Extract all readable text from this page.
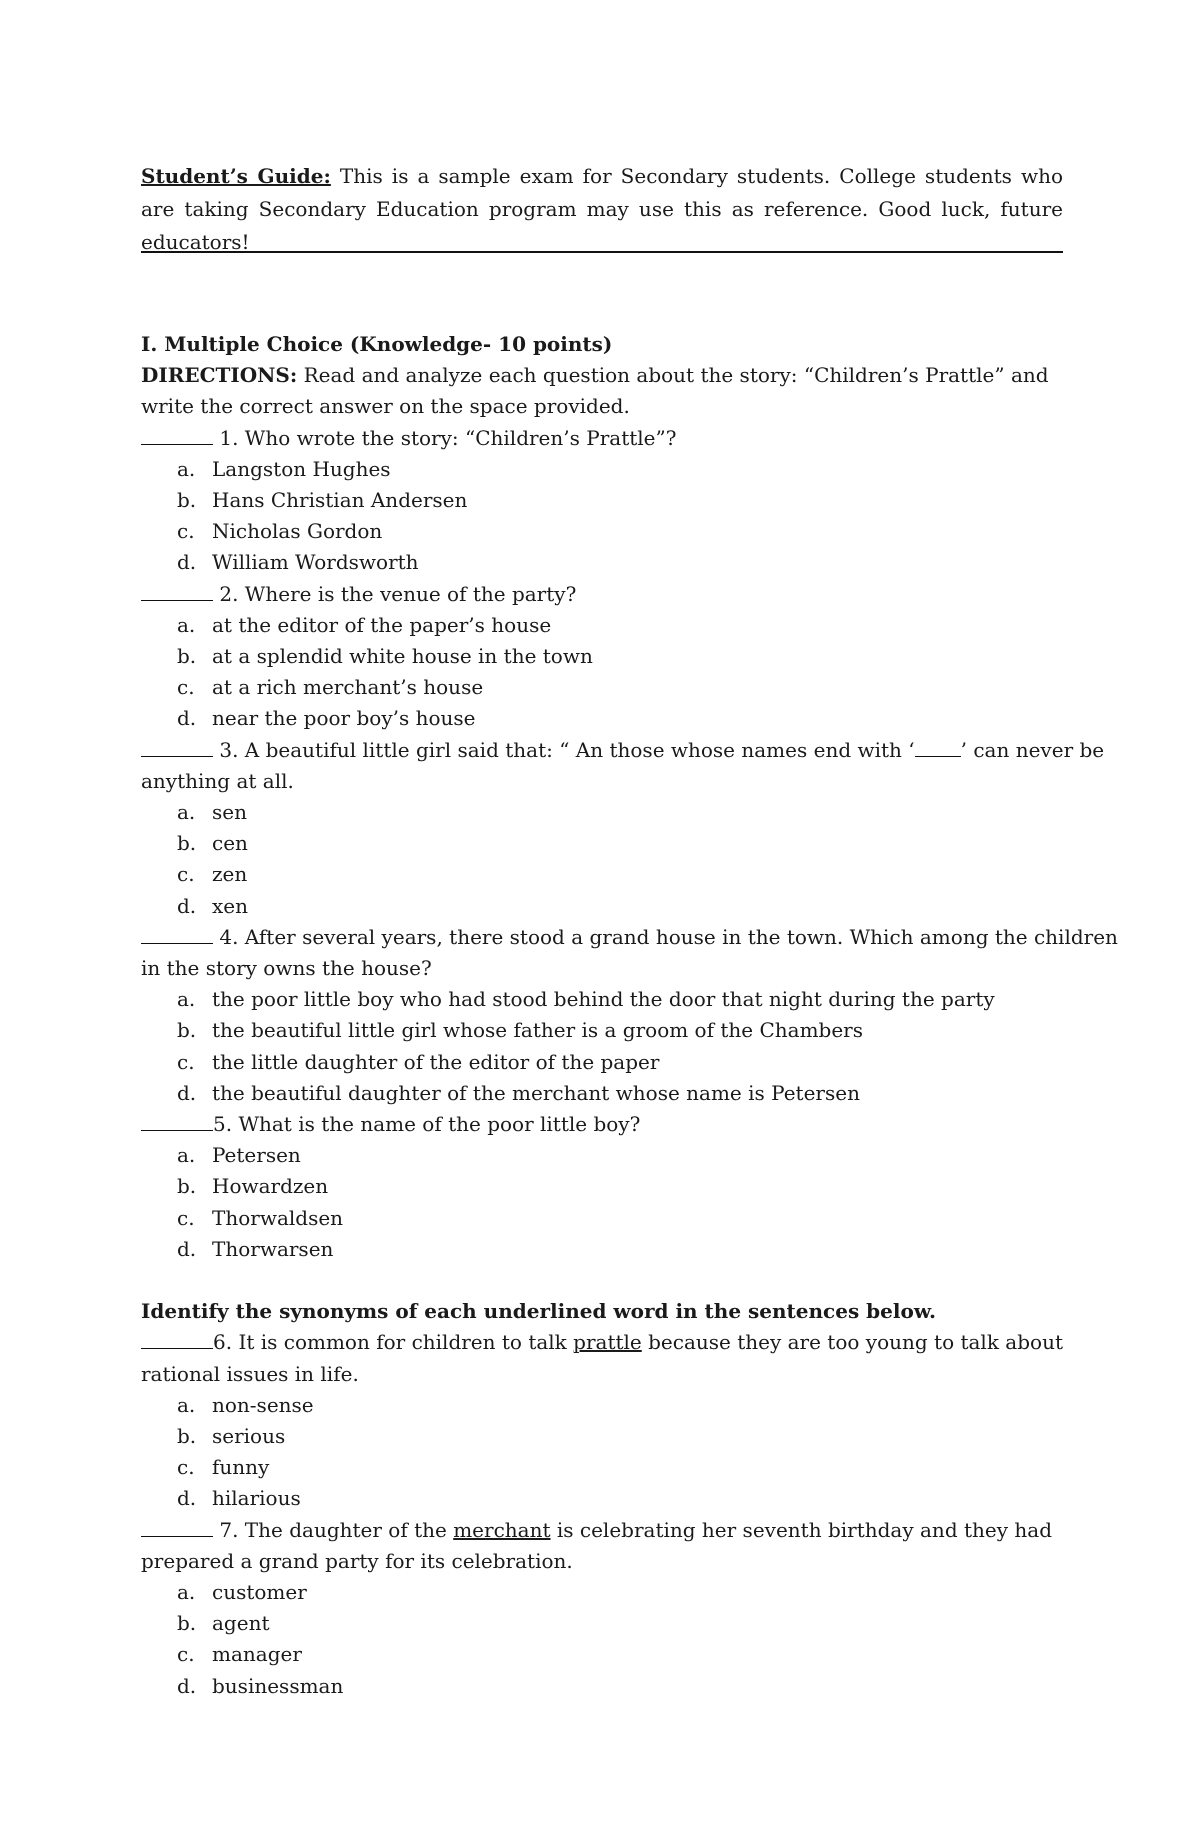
Student’s Guide: This is a sample exam for Secondary students. College students who are taking Secondary Education program may use this as reference. Good luck, future educators!

I. Multiple Choice (Knowledge- 10 points)

DIRECTIONS: Read and analyze each question about the story: “Children’s Prattle” and write the correct answer on the space provided.

1. Who wrote the story: “Children’s Prattle”?

a. Langston Hughes
b. Hans Christian Andersen
c. Nicholas Gordon
d. William Wordsworth

2. Where is the venue of the party?

a. at the editor of the paper’s house
b. at a splendid white house in the town
c. at a rich merchant’s house
d. near the poor boy’s house

3. A beautiful little girl said that: “ An those whose names end with ‘ ’ can never be

anything at all.

a. sen
b. cen
c. zen
d. xen

4. After several years, there stood a grand house in the town. Which among the children

in the story owns the house?

a. the poor little boy who had stood behind the door that night during the party
b. the beautiful little girl whose father is a groom of the Chambers
c. the little daughter of the editor of the paper
d. the beautiful daughter of the merchant whose name is Petersen

5. What is the name of the poor little boy?

a. Petersen
b. Howardzen
c. Thorwaldsen
d. Thorwarsen

Identify the synonyms of each underlined word in the sentences below.

6. It is common for children to talk prattle because they are too young to talk about

rational issues in life.

a. non-sense
b. serious
c. funny
d. hilarious

7. The daughter of the merchant is celebrating her seventh birthday and they had

prepared a grand party for its celebration.

a. customer
b. agent
c. manager
d. businessman
